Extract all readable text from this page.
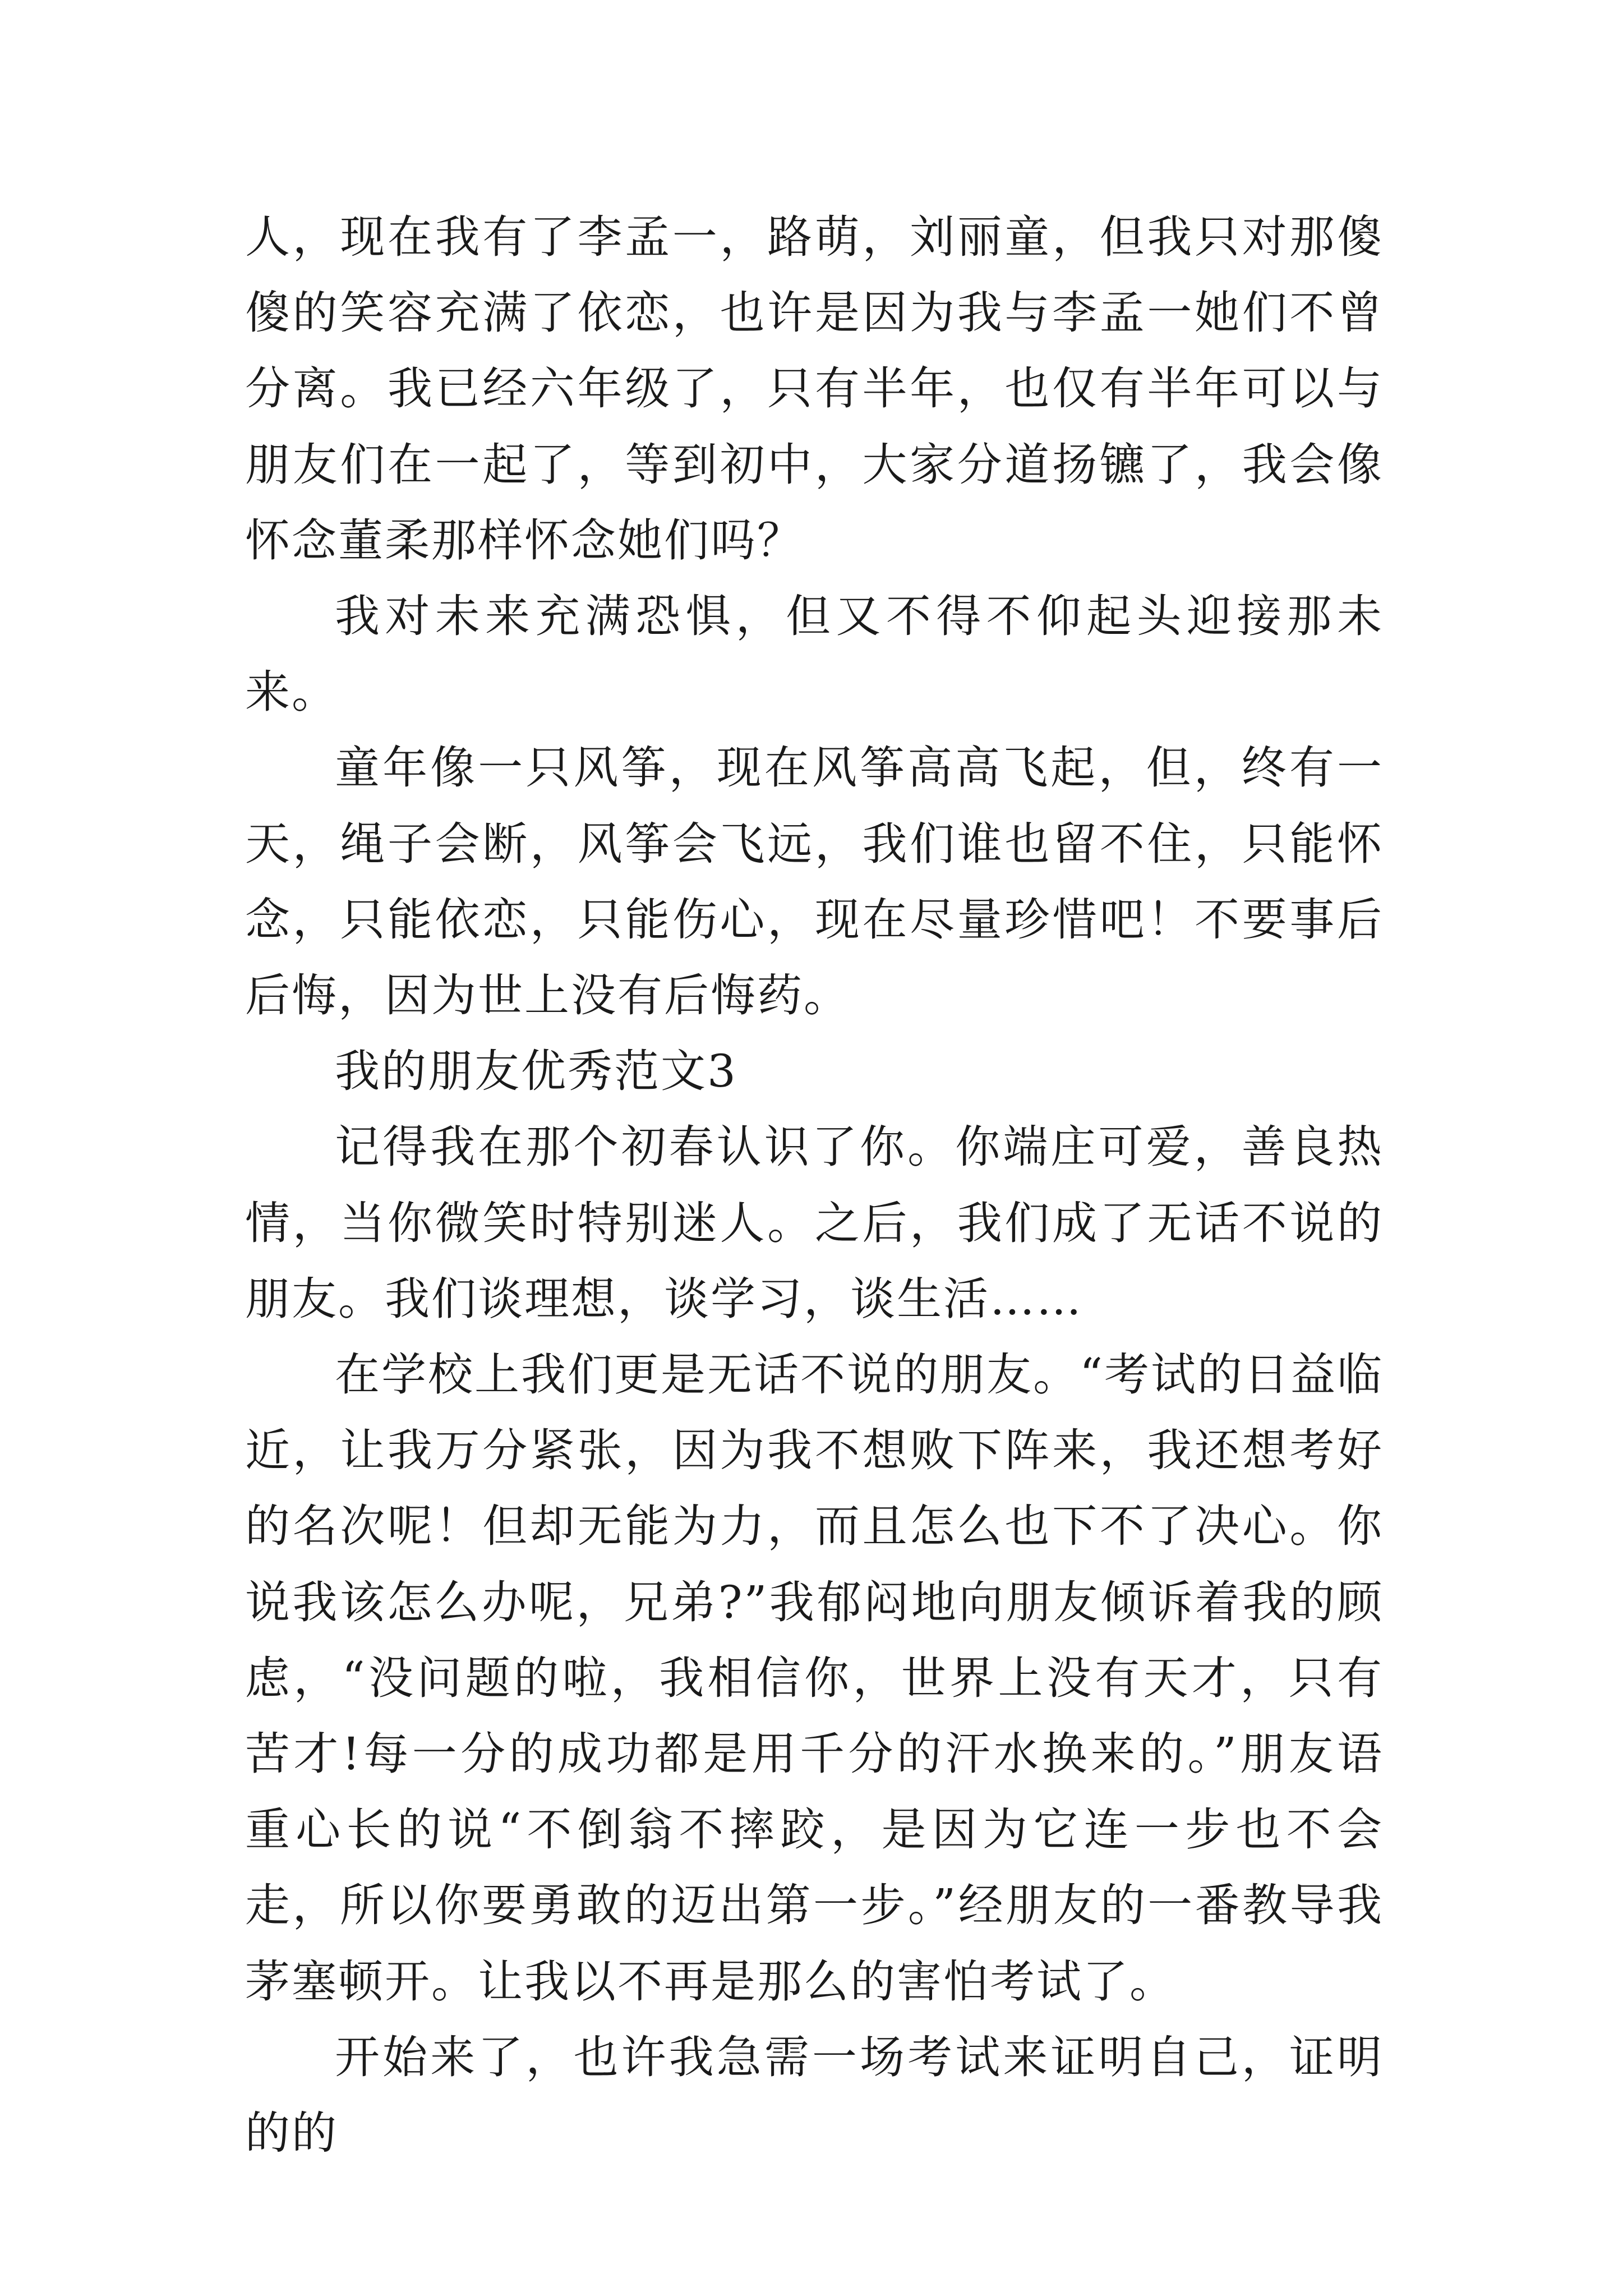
人，现在我有了李孟一，路萌，刘丽童，但我只对那傻傻的笑容充满了依恋，也许是因为我与李孟一她们不曾分离。我已经六年级了，只有半年，也仅有半年可以与朋友们在一起了，等到初中，大家分道扬镳了，我会像怀念董柔那样怀念她们吗？

我对未来充满恐惧，但又不得不仰起头迎接那未来。

童年像一只风筝，现在风筝高高飞起，但，终有一天，绳子会断，风筝会飞远，我们谁也留不住，只能怀念，只能依恋，只能伤心，现在尽量珍惜吧！不要事后后悔，因为世上没有后悔药。

我的朋友优秀范文3

记得我在那个初春认识了你。你端庄可爱，善良热情，当你微笑时特别迷人。之后，我们成了无话不说的朋友。我们谈理想，谈学习，谈生活……

在学校上我们更是无话不说的朋友。“考试的日益临近，让我万分紧张，因为我不想败下阵来，我还想考好的名次呢！但却无能为力，而且怎么也下不了决心。你说我该怎么办呢，兄弟?”我郁闷地向朋友倾诉着我的顾虑，“没问题的啦，我相信你，世界上没有天才，只有苦才!每一分的成功都是用千分的汗水换来的。”朋友语重心长的说“不倒翁不摔跤，是因为它连一步也不会走，所以你要勇敢的迈出第一步。”经朋友的一番教导我茅塞顿开。让我以不再是那么的害怕考试了。

开始来了，也许我急需一场考试来证明自己，证明的的
